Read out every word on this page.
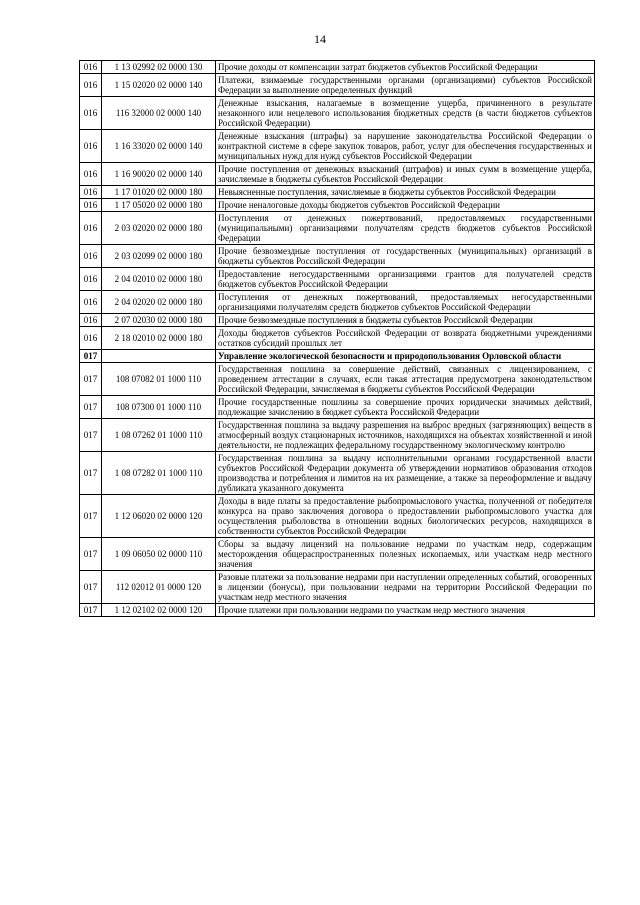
14
016	1 13 02992 02 0000 130	Прочие доходы от компенсации затрат бюджетов субъектов Российской Федерации
016	1 15 02020 02 0000 140	Платежи, взимаемые государственными органами (организациями) субъектов Российской Федерации за выполнение определенных функций
016	116 32000 02 0000 140	Денежные взыскания, налагаемые в возмещение ущерба, причиненного в результате незаконного или нецелевого использования бюджетных средств (в части бюджетов субъектов Российской Федерации)
016	1 16 33020 02 0000 140	Денежные взыскания (штрафы) за нарушение законодательства Российской Федерации о контрактной системе в сфере закупок товаров, работ, услуг для обеспечения государственных и муниципальных нужд для нужд субъектов Российской Федерации
016	1 16 90020 02 0000 140	Прочие поступления от денежных взысканий (штрафов) и иных сумм в возмещение ущерба, зачисляемые в бюджеты субъектов Российской Федерации
016	1 17 01020 02 0000 180	Невыясненные поступления, зачисляемые в бюджеты субъектов Российской Федерации
016	1 17 05020 02 0000 180	Прочие неналоговые доходы бюджетов субъектов Российской Федерации
016	2 03 02020 02 0000 180	Поступления от денежных пожертвований, предоставляемых государственными (муниципальными) организациями получателям средств бюджетов субъектов Российской Федерации
016	2 03 02099 02 0000 180	Прочие безвозмездные поступления от государственных (муниципальных) организаций в бюджеты субъектов Российской Федерации
016	2 04 02010 02 0000 180	Предоставление негосударственными организациями грантов для получателей средств бюджетов субъектов Российской Федерации
016	2 04 02020 02 0000 180	Поступления от денежных пожертвований, предоставляемых негосударственными организациями получателям средств бюджетов субъектов Российской Федерации
016	2 07 02030 02 0000 180	Прочие безвозмездные поступления в бюджеты субъектов Российской Федерации
016	2 18 02010 02 0000 180	Доходы бюджетов субъектов Российской Федерации от возврата бюджетными учреждениями остатков субсидий прошлых лет
017		Управление экологической безопасности и природопользования Орловской области
017	108 07082 01 1000 110	Государственная пошлина за совершение действий, связанных с лицензированием, с проведением аттестации в случаях, если такая аттестация предусмотрена законодательством Российской Федерации, зачисляемая в бюджеты субъектов Российской Федерации
017	108 07300 01 1000 110	Прочие государственные пошлины за совершение прочих юридически значимых действий, подлежащие зачислению в бюджет субъекта Российской Федерации
017	1 08 07262 01 1000 110	Государственная пошлина за выдачу разрешения на выброс вредных (загрязняющих) веществ в атмосферный воздух стационарных источников, находящихся на объектах хозяйственной и иной деятельности, не подлежащих федеральному государственному экологическому контролю
017	1 08 07282 01 1000 110	Государственная пошлина за выдачу исполнительными органами государственной власти субъектов Российской Федерации документа об утверждении нормативов образования отходов производства и потребления и лимитов на их размещение, а также за переоформление и выдачу дубликата указанного документа
017	1 12 06020 02 0000 120	Доходы в виде платы за предоставление рыбопромыслового участка, полученной от победителя конкурса на право заключения договора о предоставлении рыбопромыслового участка для осуществления рыболовства в отношении водных биологических ресурсов, находящихся в собственности субъектов Российской Федерации
017	1 09 06050 02 0000 110	Сборы за выдачу лицензий на пользование недрами по участкам недр, содержащим месторождения общераспространенных полезных ископаемых, или участкам недр местного значения
017	112 02012 01 0000 120	Разовые платежи за пользование недрами при наступлении определенных событий, оговоренных в лицензии (бонусы), при пользовании недрами на территории Российской Федерации по участкам недр местного значения
017	1 12 02102 02 0000 120	Прочие платежи при пользовании недрами по участкам недр местного значения
